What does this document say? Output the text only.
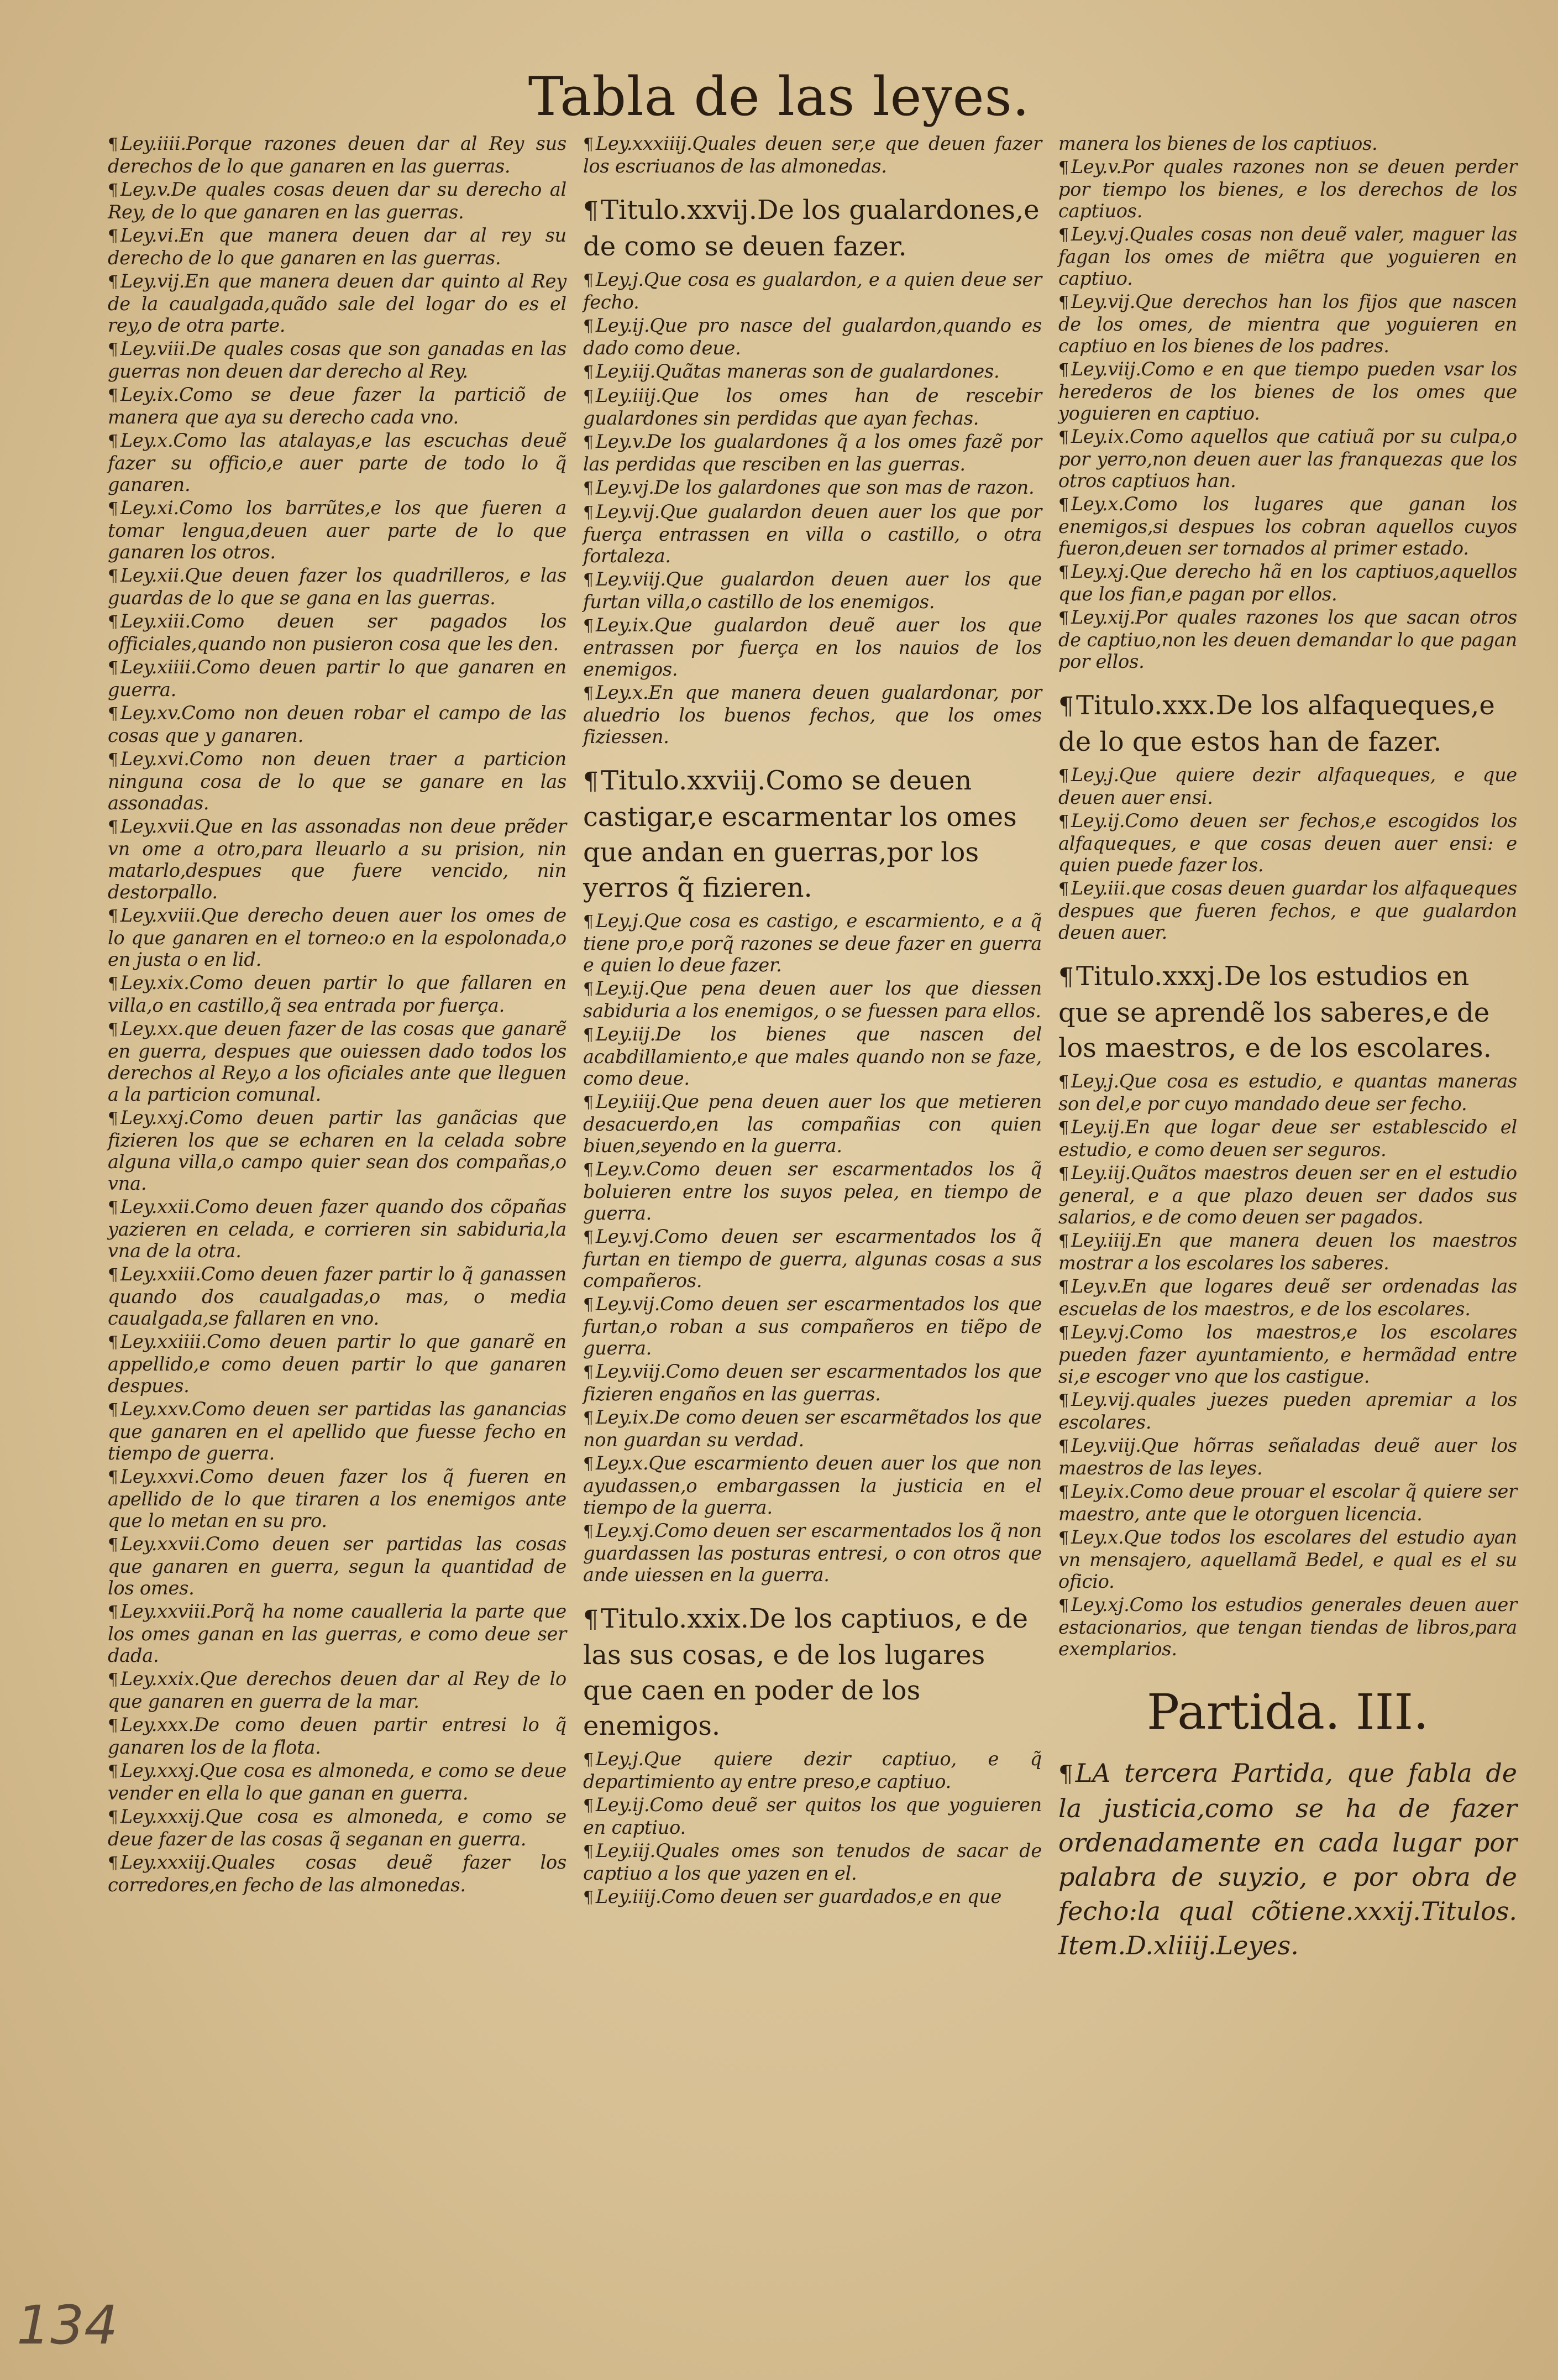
Tabla de las leyes.
¶ Ley.iiii.Porque razones deuen dar al Rey sus derechos de lo que ganaren en las guerras.
¶ Ley.v.De quales cosas deuen dar su derecho al Rey, de lo que ganaren en las guerras.
¶ Ley.vi.En que manera deuen dar al rey su derecho de lo que ganaren en las guerras.
¶ Ley.vij.En que manera deuen dar quinto al Rey de la caualgada,quãdo sale del logar do es el rey,o de otra parte.
¶ Ley.viii.De quales cosas que son ganadas en las guerras non deuen dar derecho al Rey.
¶ Ley.ix.Como se deue fazer la particiõ de manera que aya su derecho cada vno.
¶ Ley.x.Como las atalayas,e las escuchas deuẽ fazer su officio,e auer parte de todo lo q̃ ganaren.
¶ Ley.xi.Como los barrũtes,e los que fueren a tomar lengua,deuen auer parte de lo que ganaren los otros.
¶ Ley.xii.Que deuen fazer los quadrilleros, e las guardas de lo que se gana en las guerras.
¶ Ley.xiii.Como deuen ser pagados los officiales,quando non pusieron cosa que les den.
¶ Ley.xiiii.Como deuen partir lo que ganaren en guerra.
¶ Ley.xv.Como non deuen robar el campo de las cosas que y ganaren.
¶ Ley.xvi.Como non deuen traer a particion ninguna cosa de lo que se ganare en las assonadas.
¶ Ley.xvii.Que en las assonadas non deue prẽder vn ome a otro,para lleuarlo a su prision, nin matarlo,despues que fuere vencido, nin destorpallo.
¶ Ley.xviii.Que derecho deuen auer los omes de lo que ganaren en el torneo:o en la espolonada,o en justa o en lid.
¶ Ley.xix.Como deuen partir lo que fallaren en villa,o en castillo,q̃ sea entrada por fuerça.
¶ Ley.xx.que deuen fazer de las cosas que ganarẽ en guerra, despues que ouiessen dado todos los derechos al Rey,o a los oficiales ante que lleguen a la particion comunal.
¶ Ley.xxj.Como deuen partir las ganãcias que fizieren los que se echaren en la celada sobre alguna villa,o campo quier sean dos compañas,o vna.
¶ Ley.xxii.Como deuen fazer quando dos cõpañas yazieren en celada, e corrieren sin sabiduria,la vna de la otra.
¶ Ley.xxiii.Como deuen fazer partir lo q̃ ganassen quando dos caualgadas,o mas, o media caualgada,se fallaren en vno.
¶ Ley.xxiiii.Como deuen partir lo que ganarẽ en appellido,e como deuen partir lo que ganaren despues.
¶ Ley.xxv.Como deuen ser partidas las ganancias que ganaren en el apellido que fuesse fecho en tiempo de guerra.
¶ Ley.xxvi.Como deuen fazer los q̃ fueren en apellido de lo que tiraren a los enemigos ante que lo metan en su pro.
¶ Ley.xxvii.Como deuen ser partidas las cosas que ganaren en guerra, segun la quantidad de los omes.
¶ Ley.xxviii.Porq̃ ha nome caualleria la parte que los omes ganan en las guerras, e como deue ser dada.
¶ Ley.xxix.Que derechos deuen dar al Rey de lo que ganaren en guerra de la mar.
¶ Ley.xxx.De como deuen partir entresi lo q̃ ganaren los de la flota.
¶ Ley.xxxj.Que cosa es almoneda, e como se deue vender en ella lo que ganan en guerra.
¶ Ley.xxxij.Que cosa es almoneda, e como se deue fazer de las cosas q̃ seganan en guerra.
¶ Ley.xxxiij.Quales cosas deuẽ fazer los corredores,en fecho de las almonedas.
¶ Ley.xxxiiij.Quales deuen ser,e que deuen fazer los escriuanos de las almonedas.
¶Titulo.xxvij.De los gualardones,e de como se deuen fazer.
¶ Ley.j.Que cosa es gualardon, e a quien deue ser fecho.
¶ Ley.ij.Que pro nasce del gualardon,quando es dado como deue.
¶ Ley.iij.Quãtas maneras son de gualardones.
¶ Ley.iiij.Que los omes han de rescebir gualardones sin perdidas que ayan fechas.
¶ Ley.v.De los gualardones q̃ a los omes fazẽ por las perdidas que resciben en las guerras.
¶ Ley.vj.De los galardones que son mas de razon.
¶ Ley.vij.Que gualardon deuen auer los que por fuerça entrassen en villa o castillo, o otra fortaleza.
¶ Ley.viij.Que gualardon deuen auer los que furtan villa,o castillo de los enemigos.
¶ Ley.ix.Que gualardon deuẽ auer los que entrassen por fuerça en los nauios de los enemigos.
¶ Ley.x.En que manera deuen gualardonar, por aluedrio los buenos fechos, que los omes fiziessen.
¶Titulo.xxviij.Como se deuen castigar,e escarmentar los omes que andan en guerras,por los yerros q̃ fizieren.
¶ Ley.j.Que cosa es castigo, e escarmiento, e a q̃ tiene pro,e porq̃ razones se deue fazer en guerra e quien lo deue fazer.
¶ Ley.ij.Que pena deuen auer los que diessen sabiduria a los enemigos, o se fuessen para ellos.
¶ Ley.iij.De los bienes que nascen del acabdillamiento,e que males quando non se faze, como deue.
¶ Ley.iiij.Que pena deuen auer los que metieren desacuerdo,en las compañias con quien biuen,seyendo en la guerra.
¶ Ley.v.Como deuen ser escarmentados los q̃ boluieren entre los suyos pelea, en tiempo de guerra.
¶ Ley.vj.Como deuen ser escarmentados los q̃ furtan en tiempo de guerra, algunas cosas a sus compañeros.
¶ Ley.vij.Como deuen ser escarmentados los que furtan,o roban a sus compañeros en tiẽpo de guerra.
¶ Ley.viij.Como deuen ser escarmentados los que fizieren engaños en las guerras.
¶ Ley.ix.De como deuen ser escarmẽtados los que non guardan su verdad.
¶ Ley.x.Que escarmiento deuen auer los que non ayudassen,o embargassen la justicia en el tiempo de la guerra.
¶ Ley.xj.Como deuen ser escarmentados los q̃ non guardassen las posturas entresi, o con otros que ande uiessen en la guerra.
¶Titulo.xxix.De los captiuos, e de las sus cosas, e de los lugares que caen en poder de los enemigos.
¶ Ley.j.Que quiere dezir captiuo, e q̃ departimiento ay entre preso,e captiuo.
¶ Ley.ij.Como deuẽ ser quitos los que yoguieren en captiuo.
¶ Ley.iij.Quales omes son tenudos de sacar de captiuo a los que yazen en el.
¶ Ley.iiij.Como deuen ser guardados,e en que
manera los bienes de los captiuos.
¶ Ley.v.Por quales razones non se deuen perder por tiempo los bienes, e los derechos de los captiuos.
¶ Ley.vj.Quales cosas non deuẽ valer, maguer las fagan los omes de miẽtra que yoguieren en captiuo.
¶ Ley.vij.Que derechos han los fijos que nascen de los omes, de mientra que yoguieren en captiuo en los bienes de los padres.
¶ Ley.viij.Como e en que tiempo pueden vsar los herederos de los bienes de los omes que yoguieren en captiuo.
¶ Ley.ix.Como aquellos que catiuã por su culpa,o por yerro,non deuen auer las franquezas que los otros captiuos han.
¶ Ley.x.Como los lugares que ganan los enemigos,si despues los cobran aquellos cuyos fueron,deuen ser tornados al primer estado.
¶ Ley.xj.Que derecho hã en los captiuos,aquellos que los fian,e pagan por ellos.
¶ Ley.xij.Por quales razones los que sacan otros de captiuo,non les deuen demandar lo que pagan por ellos.
¶Titulo.xxx.De los alfaqueques,e de lo que estos han de fazer.
¶ Ley.j.Que quiere dezir alfaqueques, e que deuen auer ensi.
¶ Ley.ij.Como deuen ser fechos,e escogidos los alfaqueques, e que cosas deuen auer ensi: e quien puede fazer los.
¶ Ley.iii.que cosas deuen guardar los alfaqueques despues que fueren fechos, e que gualardon deuen auer.
¶Titulo.xxxj.De los estudios en que se aprendẽ los saberes,e de los maestros, e de los escolares.
¶ Ley.j.Que cosa es estudio, e quantas maneras son del,e por cuyo mandado deue ser fecho.
¶ Ley.ij.En que logar deue ser establescido el estudio, e como deuen ser seguros.
¶ Ley.iij.Quãtos maestros deuen ser en el estudio general, e a que plazo deuen ser dados sus salarios, e de como deuen ser pagados.
¶ Ley.iiij.En que manera deuen los maestros mostrar a los escolares los saberes.
¶ Ley.v.En que logares deuẽ ser ordenadas las escuelas de los maestros, e de los escolares.
¶ Ley.vj.Como los maestros,e los escolares pueden fazer ayuntamiento, e hermãdad entre si,e escoger vno que los castigue.
¶ Ley.vij.quales juezes pueden apremiar a los escolares.
¶ Ley.viij.Que hõrras señaladas deuẽ auer los maestros de las leyes.
¶ Ley.ix.Como deue prouar el escolar q̃ quiere ser maestro, ante que le otorguen licencia.
¶ Ley.x.Que todos los escolares del estudio ayan vn mensajero, aquellamã Bedel, e qual es el su oficio.
¶ Ley.xj.Como los estudios generales deuen auer estacionarios, que tengan tiendas de libros,para exemplarios.
Partida. III.
¶LA tercera Partida, que fabla de la justicia,como se ha de fazer ordenadamente en cada lugar por palabra de suyzio, e por obra de fecho:la qual cõtiene.xxxij.Titulos. Item.D.xliiij.Leyes.
134
